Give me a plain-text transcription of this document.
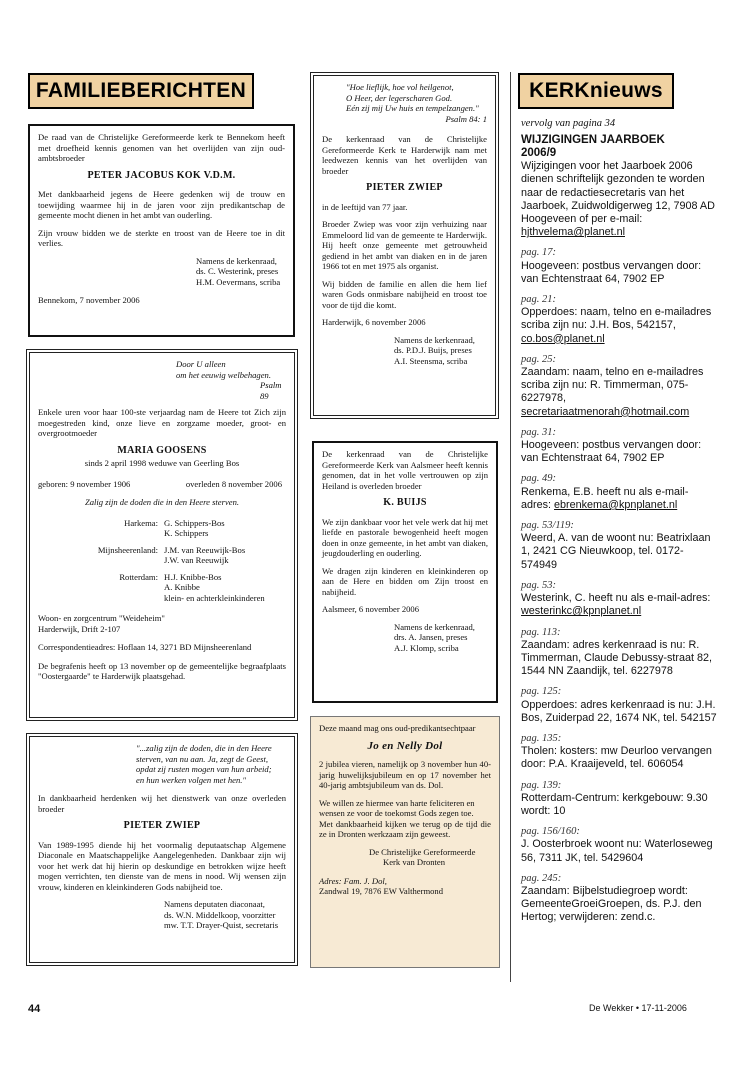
FAMILIEBERICHTEN	KERKnieuws

De raad van de Christelijke Gereformeerde kerk te Bennekom heeft met droefheid kennis genomen van het overlijden van zijn oud-ambtsbroeder

PETER JACOBUS KOK V.D.M.

Met dankbaarheid jegens de Heere gedenken wij de trouw en toewijding waarmee hij in de jaren voor zijn predikantschap de gemeente mocht dienen in het ambt van ouderling.

Zijn vrouw bidden we de sterkte en troost van de Heere toe in dit verlies.

Namens de kerkenraad,
ds. C. Westerink, preses
H.M. Oevermans, scriba
Bennekom, 7 november 2006
Door U alleen
om het eeuwig welbehagen.
Psalm 89

Enkele uren voor haar 100-ste verjaardag nam de Heere tot Zich zijn moegestreden kind, onze lieve en zorgzame moeder, groot- en overgrootmoeder

MARIA GOOSENS
sinds 2 april 1998 weduwe van Geerling Bos
geboren: 9 november 1906	overleden 8 november 2006
Zalig zijn de doden die in den Heere sterven.
Harkema: G. Schippers-Bos
K. Schippers
Mijnsheerenland: J.M. van Reeuwijk-Bos
J.W. van Reeuwijk
Rotterdam: H.J. Knibbe-Bos
A. Knibbe
klein- en achterkleinkinderen
Woon- en zorgcentrum "Weideheim"
Harderwijk, Drift 2-107
Correspondentieadres: Hoflaan 14, 3271 BD Mijnsheerenland

De begrafenis heeft op 13 november op de gemeentelijke begraafplaats "Oostergaarde" te Harderwijk plaatsgehad.

"...zalig zijn de doden, die in den Heere
sterven, van nu aan. Ja, zegt de Geest,
opdat zij rusten mogen van hun arbeid;
en hun werken volgen met hen."

In dankbaarheid herdenken wij het dienstwerk van onze overleden broeder

PIETER ZWIEP

Van 1989-1995 diende hij het voormalig deputaatschap Algemene Diaconale en Maatschappelijke Aangelegenheden. Dankbaar zijn wij voor het werk dat hij hierin op deskundige en betrokken wijze heeft mogen verrichten, ten dienste van de mens in nood. Wij wensen zijn vrouw, kinderen en kleinkinderen Gods nabijheid toe.

Namens deputaten diaconaat,
ds. W.N. Middelkoop, voorzitter
mw. T.T. Drayer-Quist, secretaris
"Hoe lieflijk, hoe vol heilgenot,
O Heer, der legerscharen God.
Eén zij mij Uw huis en tempelzangen."
Psalm 84: 1

De kerkenraad van de Christelijke Gereformeerde Kerk te Harderwijk nam met leedwezen kennis van het overlijden van broeder

PIETER ZWIEP

in de leeftijd van 77 jaar.

Broeder Zwiep was voor zijn verhuizing naar Emmeloord lid van de gemeente te Harderwijk. Hij heeft onze gemeente met getrouwheid gediend in het ambt van diaken en in de jaren 1966 tot en met 1975 als organist.

Wij bidden de familie en allen die hem lief waren Gods onmisbare nabijheid en troost toe voor de tijd die komt.

Harderwijk, 6 november 2006

Namens de kerkenraad,
ds. P.D.J. Buijs, preses
A.I. Steensma, scriba

De kerkenraad van de Christelijke Gereformeerde Kerk van Aalsmeer heeft kennis genomen, dat in het volle vertrouwen op zijn Heiland is overleden broeder

K. BUIJS

We zijn dankbaar voor het vele werk dat hij met liefde en pastorale bewogenheid heeft mogen doen in onze gemeente, in het ambt van diaken, jeugdouderling en ouderling.

We dragen zijn kinderen en kleinkinderen op aan de Here en bidden om Zijn troost en nabijheid.

Aalsmeer, 6 november 2006

Namens de kerkenraad,
drs. A. Jansen, preses
A.J. Klomp, scriba

Deze maand mag ons oud-predikantsechtpaar

Jo en Nelly Dol

2 jubilea vieren, namelijk op 3 november hun 40-jarig huwelijksjubileum en op 17 november het 40-jarig ambtsjubileum van ds. Dol.

We willen ze hiermee van harte feliciteren en wensen ze voor de toekomst Gods zegen toe.

Met dankbaarheid kijken we terug op de tijd die ze in Dronten werkzaam zijn geweest.

De Christelijke Gereformeerde
Kerk van Dronten
Adres: Fam. J. Dol,
Zandwal 19, 7876 EW Valthermond
vervolg van pagina 34
WIJZIGINGEN JAARBOEK
2006/9
Wijzigingen voor het Jaarboek 2006 dienen schriftelijk gezonden te worden naar de redactiesecretaris van het Jaarboek, Zuidwoldigerweg 12, 7908 AD Hoogeveen of per e-mail: hjthvelema@planet.nl
pag. 17:
Hoogeveen: postbus vervangen door: van Echtenstraat 64, 7902 EP
pag. 21:
Opperdoes: naam, telno en e-mailadres scriba zijn nu: J.H. Bos, 542157, co.bos@planet.nl
pag. 25:
Zaandam: naam, telno en e-mailadres scriba zijn nu: R. Timmerman, 075- 6227978, secretariaatmenorah@hotmail.com
pag. 31:
Hoogeveen: postbus vervangen door: van Echtenstraat 64, 7902 EP
pag. 49:
Renkema, E.B. heeft nu als e-mail-adres: ebrenkema@kpnplanet.nl
pag. 53/119:
Weerd, A. van de woont nu: Beatrixlaan 1, 2421 CG Nieuwkoop, tel. 0172-574949
pag. 53:
Westerink, C. heeft nu als e-mail-adres: westerinkc@kpnplanet.nl
pag. 113:
Zaandam: adres kerkenraad is nu: R. Timmerman, Claude Debussy-straat 82, 1544 NN Zaandijk, tel. 6227978
pag. 125:
Opperdoes: adres kerkenraad is nu: J.H. Bos, Zuiderpad 22, 1674 NK, tel. 542157
pag. 135:
Tholen: kosters: mw Deurloo vervangen door: P.A. Kraaijeveld, tel. 606054
pag. 139:
Rotterdam-Centrum: kerkgebouw: 9.30 wordt: 10
pag. 156/160:
J. Oosterbroek woont nu: Waterloseweg 56, 7311 JK, tel. 5429604
pag. 245:
Zaandam: Bijbelstudiegroep wordt: GemeenteGroeiGroepen, ds. P.J. den Hertog; verwijderen: zend.c.
44	De Wekker • 17-11-2006
